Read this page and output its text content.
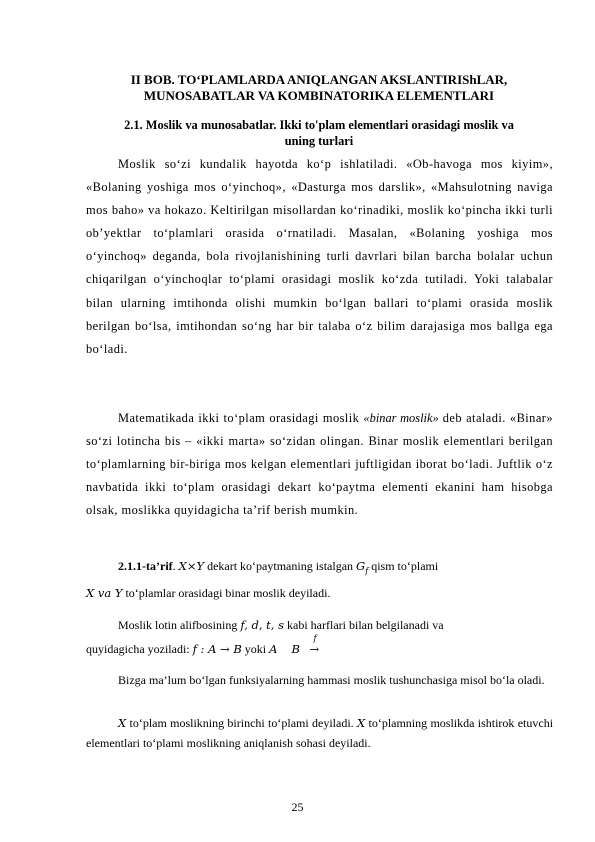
II BOB. TO‘PLAMLARDA ANIQLANGAN AKSLANTIRIShLAR,
MUNOSABATLAR VA KOMBINATORIKA ELEMENTLARI
2.1. Moslik va munosabatlar. Ikki to'plam elementlari orasidagi moslik va
uning turlari

Moslik so‘zi kundalik hayotda ko‘p ishlatiladi. «Ob-havoga mos kiyim», «Bolaning yoshiga mos o‘yinchoq», «Dasturga mos darslik», «Mahsulotning naviga mos baho» va hokazo. Keltirilgan misollardan ko‘rinadiki, moslik ko‘pincha ikki turli ob’yektlar to‘plamlari orasida o‘rnatiladi. Masalan, «Bolaning yoshiga mos o‘yinchoq» deganda, bola rivojlanishining turli davrlari bilan barcha bolalar uchun chiqarilgan o‘yinchoqlar to‘plami orasidagi moslik ko‘zda tutiladi. Yoki talabalar bilan ularning imtihonda olishi mumkin bo‘lgan ballari to‘plami orasida moslik berilgan bo‘lsa, imtihondan so‘ng har bir talaba o‘z bilim darajasiga mos ballga ega bo‘ladi.

Matematikada ikki to‘plam orasidagi moslik «binar moslik» deb ataladi. «Binar» so‘zi lotincha bis – «ikki marta» so‘zidan olingan. Binar moslik elementlari berilgan to‘plamlarning bir-biriga mos kelgan elementlari juftligidan iborat bo‘ladi. Juftlik o‘z navbatida ikki to‘plam orasidagi dekart ko‘paytma elementi ekanini ham hisobga olsak, moslikka quyidagicha ta’rif berish mumkin.

2.1.1-ta’rif. X×Y dekart ko‘paytmaning istalgan $G_f$ qism to‘plami
X va Y to‘plamlar orasidagi binar moslik deyiladi.

Moslik lotin alifbosining f, d, t, s kabi harflari bilan belgilanadi va
quyidagicha yoziladi: f : A → B yoki A
f
→B

Bizga ma’lum bo‘lgan funksiyalarning hammasi moslik tushunchasiga misol bo‘la oladi.

X to‘plam moslikning birinchi to‘plami deyiladi. X to‘plamning moslikda ishtirok etuvchi elementlari to‘plami moslikning aniqlanish sohasi deyiladi.

25
